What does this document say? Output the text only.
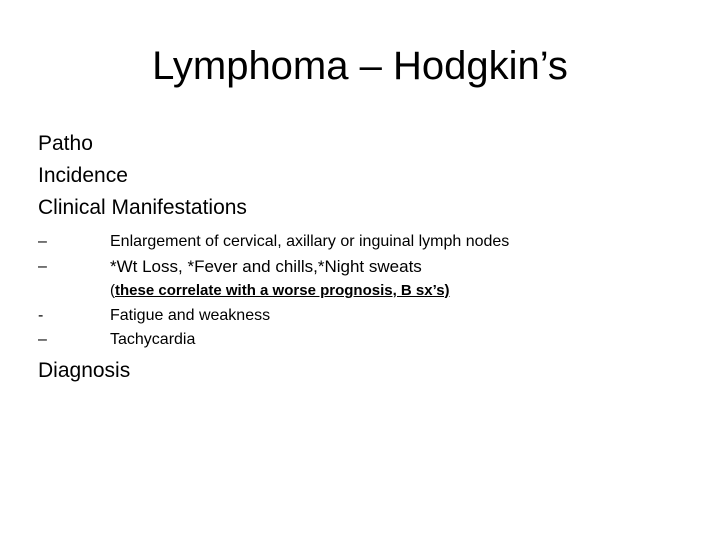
Lymphoma – Hodgkin’s
Patho
Incidence
Clinical Manifestations
–	Enlargement of cervical, axillary or inguinal lymph nodes
–	*Wt Loss, *Fever and chills,*Night sweats
(these correlate with a worse prognosis, B sx’s)
-	Fatigue and weakness
–	Tachycardia
Diagnosis
